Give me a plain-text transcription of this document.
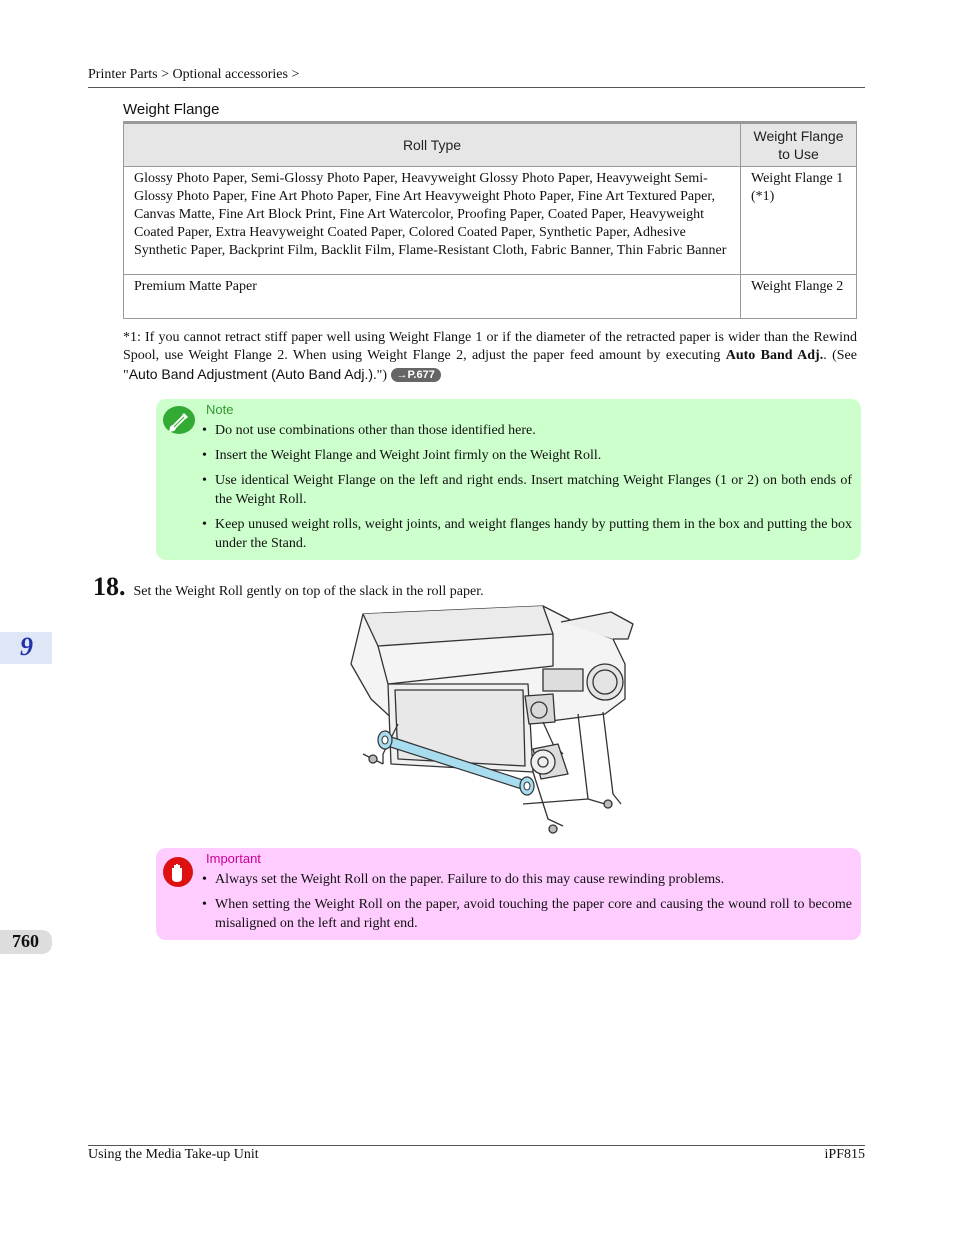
Printer Parts > Optional accessories >
Weight Flange
Roll Type	Weight Flange to Use
Glossy Photo Paper, Semi-Glossy Photo Paper, Heavyweight Glossy Photo Paper, Heavyweight Semi-Glossy Photo Paper, Fine Art Photo Paper, Fine Art Heavyweight Photo Paper, Fine Art Textured Paper, Canvas Matte, Fine Art Block Print, Fine Art Watercolor, Proofing Paper, Coated Paper, Heavyweight Coated Paper, Extra Heavyweight Coated Paper, Colored Coated Paper, Synthetic Paper, Adhesive Synthetic Paper, Backprint Film, Backlit Film, Flame-Resistant Cloth, Fabric Banner, Thin Fabric Banner	Weight Flange 1 (*1)
Premium Matte Paper	Weight Flange 2
*1: If you cannot retract stiff paper well using Weight Flange 1 or if the diameter of the retracted paper is wider than the Rewind Spool, use Weight Flange 2. When using Weight Flange 2, adjust the paper feed amount by executing Auto Band Adj.. (See "Auto Band Adjustment (Auto Band Adj.).") →P.677
Note
• Do not use combinations other than those identified here.
• Insert the Weight Flange and Weight Joint firmly on the Weight Roll.
• Use identical Weight Flange on the left and right ends. Insert matching Weight Flanges (1 or 2) on both ends of the Weight Roll.
• Keep unused weight rolls, weight joints, and weight flanges handy by putting them in the box and putting the box under the Stand.
18. Set the Weight Roll gently on top of the slack in the roll paper.
9
Important
• Always set the Weight Roll on the paper. Failure to do this may cause rewinding problems.
• When setting the Weight Roll on the paper, avoid touching the paper core and causing the wound roll to become misaligned on the left and right end.
760
Using the Media Take-up Unit	iPF815
